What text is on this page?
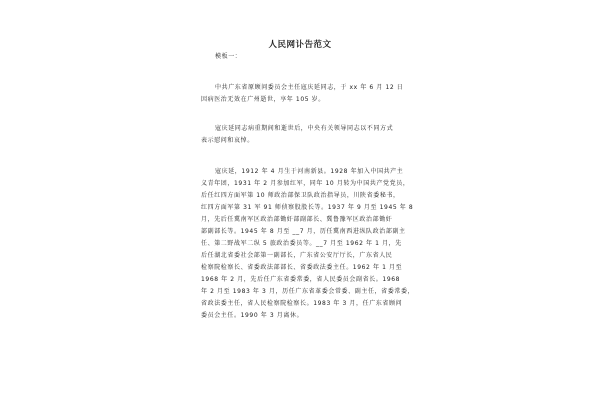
人民网讣告范文
模板一：
中共广东省原顾问委员会主任寇庆延同志，于 xx 年 6 月 12 日
因病医治无效在广州逝世，享年 105 岁。
寇庆延同志病重期间和逝世后，中央有关领导同志以不同方式
表示慰问和哀悼。
寇庆延，1912 年 4 月生于河南新县。1928 年加入中国共产主
义青年团，1931 年 2 月参加红军，同年 10 月转为中国共产党党员，
后任红四方面军第 10 师政治部保卫队政治指导员，川陕省委秘书，
红四方面军第 31 军 91 师侦察股股长等。1937 年 9 月至 1945 年 8
月，先后任冀南军区政治部锄奸部副部长、冀鲁豫军区政治部锄奸
部副部长等。1945 年 8 月至 __7 月，历任冀南西进纵队政治部副主
任、第二野战军二纵 5 旅政治委员等。__7 月至 1962 年 1 月，先
后任湖北省委社会部第一副部长，广东省公安厅厅长，广东省人民
检察院检察长、省委政法部部长、省委政法委主任。1962 年 1 月至
1968 年 2 月，先后任广东省委常委，省人民委员会副省长。1968
年 2 月至 1983 年 3 月，历任广东省革委会常委、副主任，省委常委，
省政法委主任，省人民检察院检察长。1983 年 3 月，任广东省顾问
委员会主任。1990 年 3 月离休。
